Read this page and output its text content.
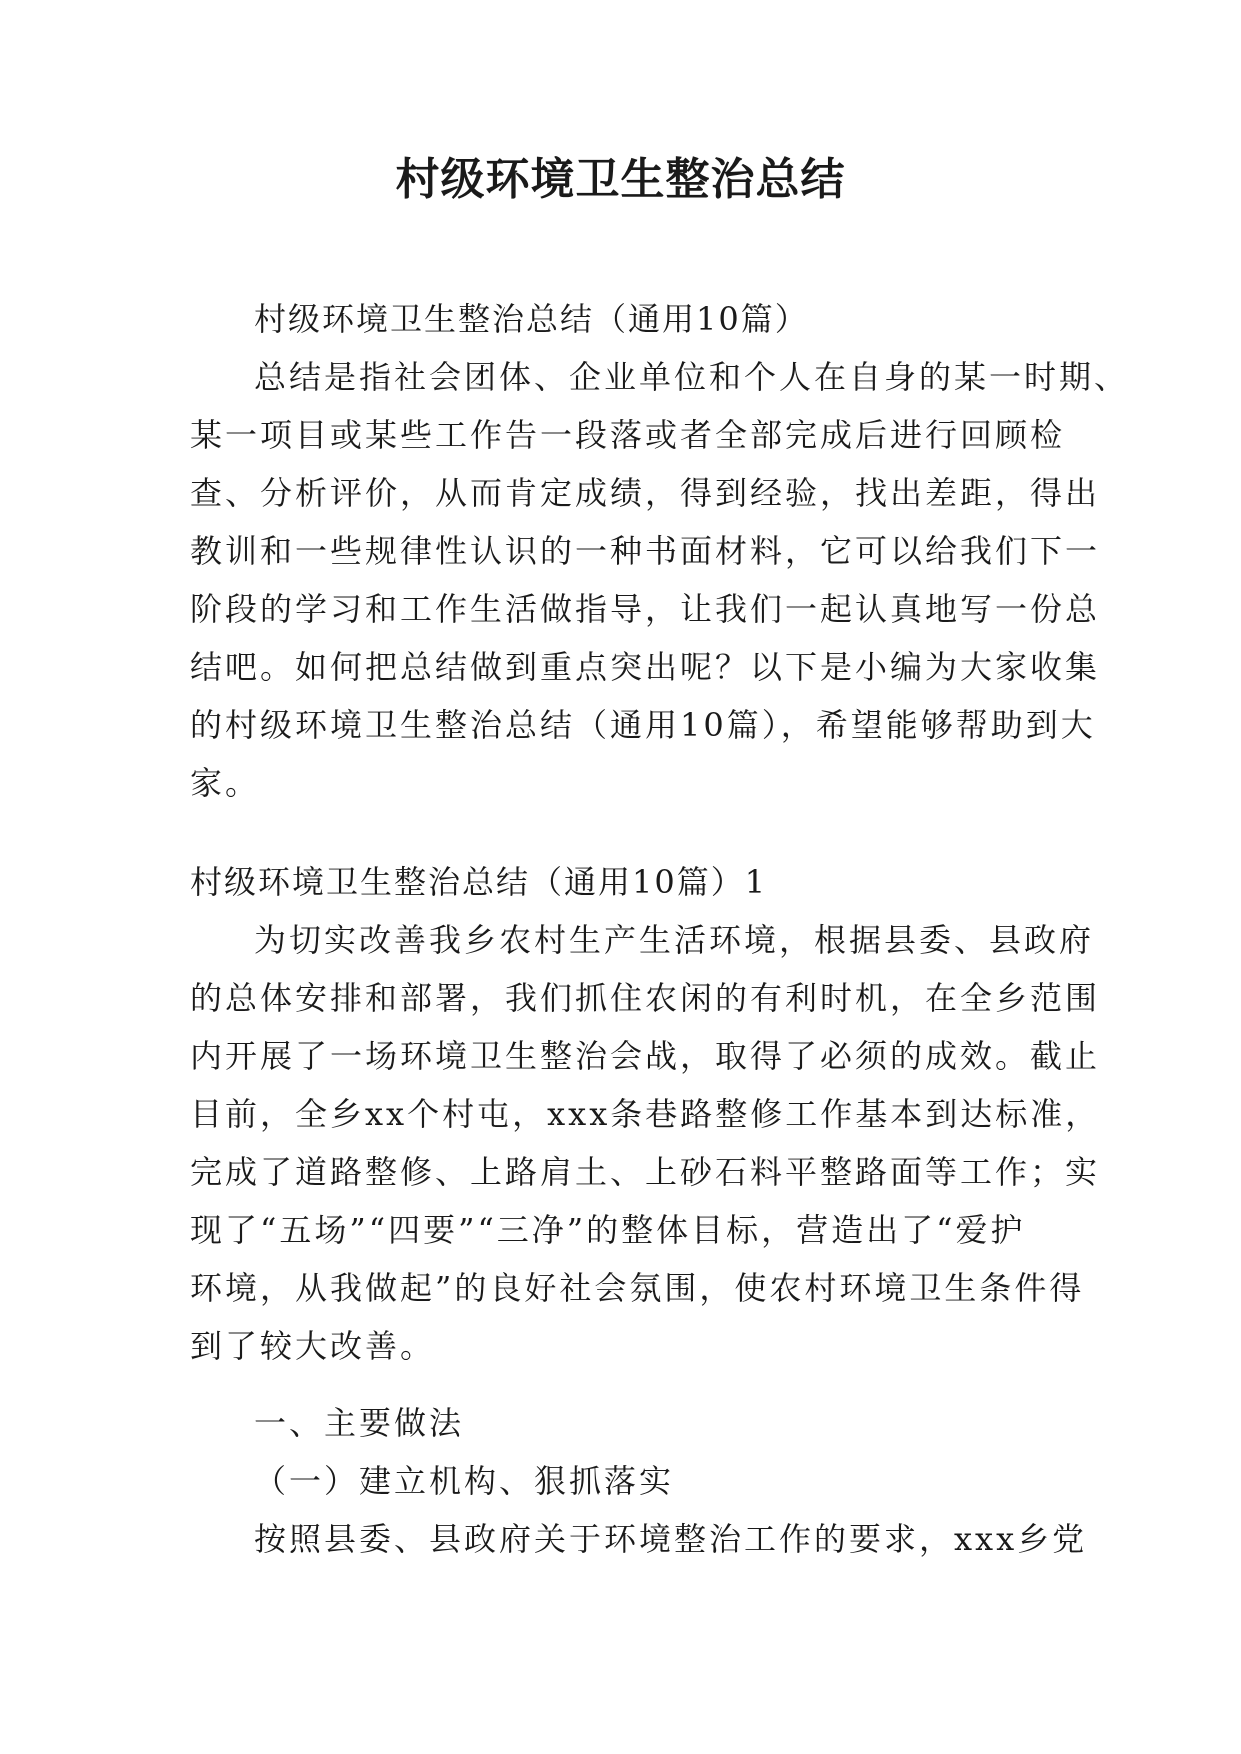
村级环境卫生整治总结
村级环境卫生整治总结（通用10篇）
总结是指社会团体、企业单位和个人在自身的某一时期、
某一项目或某些工作告一段落或者全部完成后进行回顾检
查、分析评价，从而肯定成绩，得到经验，找出差距，得出
教训和一些规律性认识的一种书面材料，它可以给我们下一
阶段的学习和工作生活做指导，让我们一起认真地写一份总
结吧。如何把总结做到重点突出呢？以下是小编为大家收集
的村级环境卫生整治总结（通用10篇），希望能够帮助到大
家。
村级环境卫生整治总结（通用10篇）1
为切实改善我乡农村生产生活环境，根据县委、县政府
的总体安排和部署，我们抓住农闲的有利时机，在全乡范围
内开展了一场环境卫生整治会战，取得了必须的成效。截止
目前，全乡xx个村屯，xxx条巷路整修工作基本到达标准，
完成了道路整修、上路肩土、上砂石料平整路面等工作；实
现了“五场”“四要”“三净”的整体目标，营造出了“爱护
环境，从我做起”的良好社会氛围，使农村环境卫生条件得
到了较大改善。
一、主要做法
（一）建立机构、狠抓落实
按照县委、县政府关于环境整治工作的要求，xxx乡党
